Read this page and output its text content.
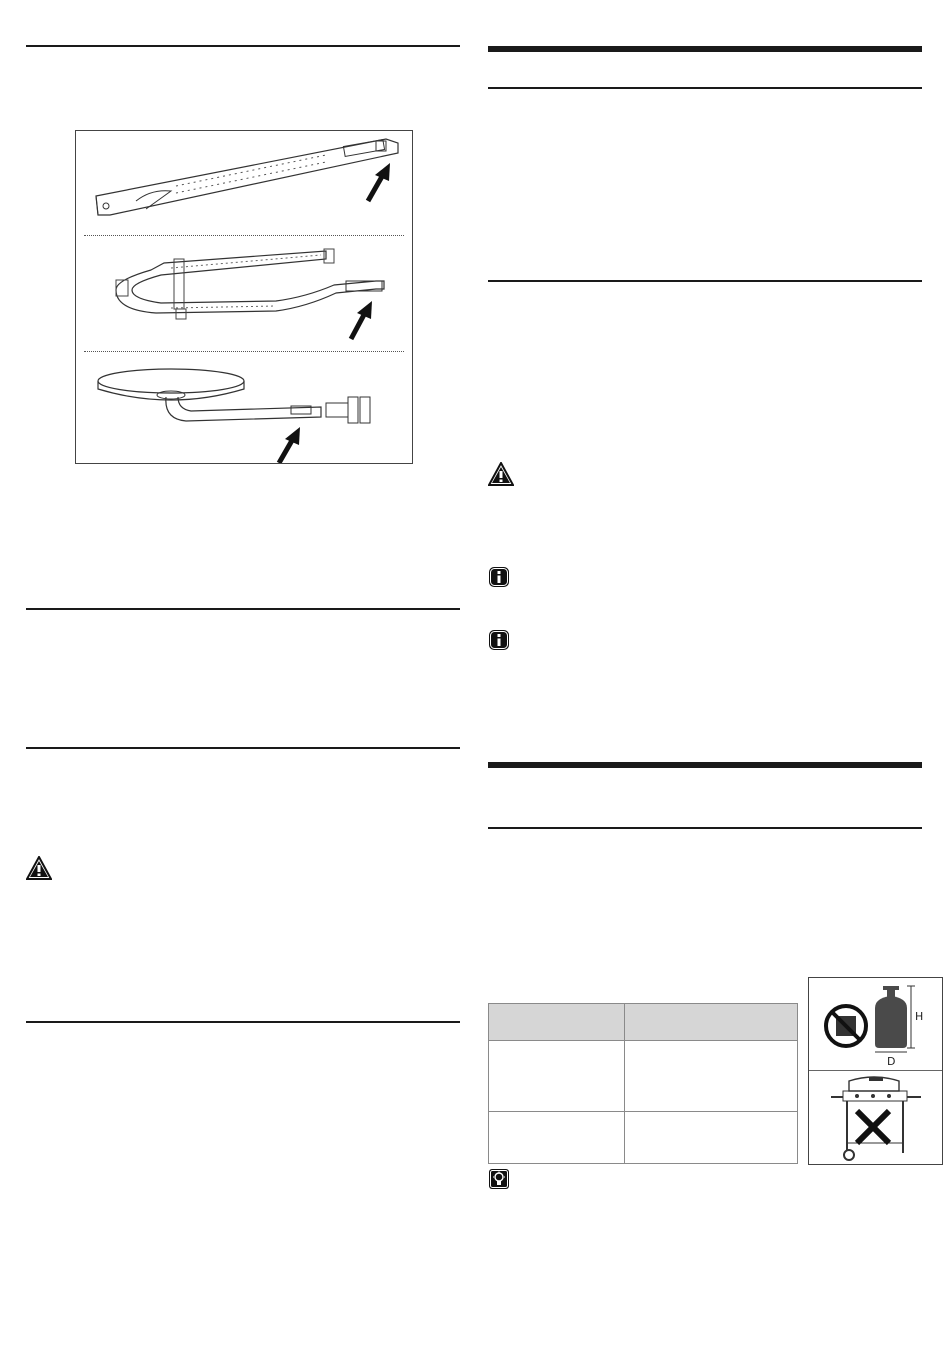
H
D
